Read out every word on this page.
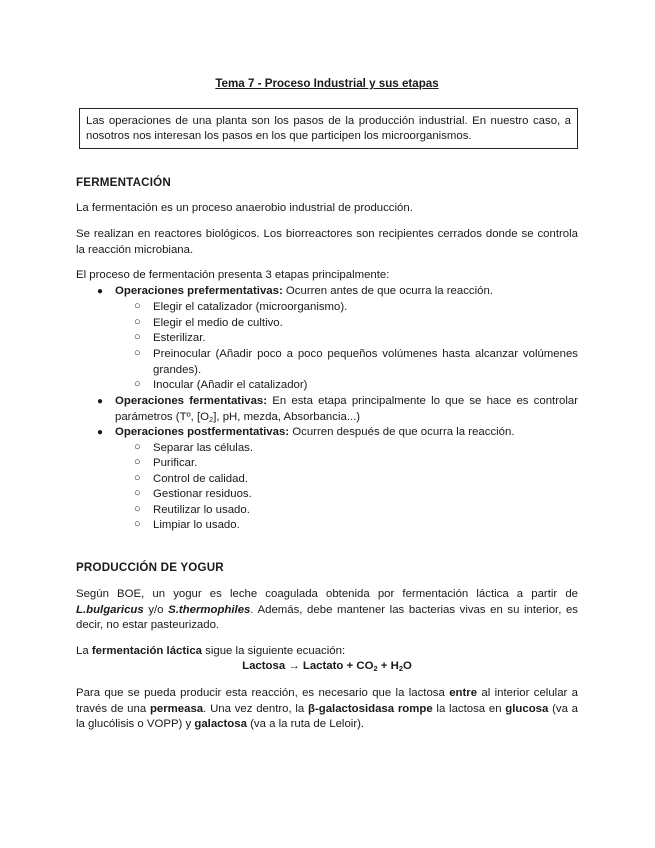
Tema 7 - Proceso Industrial y sus etapas
Las operaciones de una planta son los pasos de la producción industrial. En nuestro caso, a nosotros nos interesan los pasos en los que participen los microorganismos.
FERMENTACIÓN
La fermentación es un proceso anaerobio industrial de producción.
Se realizan en reactores biológicos. Los biorreactores son recipientes cerrados donde se controla la reacción microbiana.
El proceso de fermentación presenta 3 etapas principalmente:
● Operaciones prefermentativas: Ocurren antes de que ocurra la reacción.
○ Elegir el catalizador (microorganismo).
○ Elegir el medio de cultivo.
○ Esterilizar.
○ Preinocular (Añadir poco a poco pequeños volúmenes hasta alcanzar volúmenes grandes).
○ Inocular (Añadir el catalizador)
● Operaciones fermentativas: En esta etapa principalmente lo que se hace es controlar parámetros (Tº, $[O_2]$, pH, mezda, Absorbancia...)
● Operaciones postfermentativas: Ocurren después de que ocurra la reacción.
○ Separar las células.
○ Purificar.
○ Control de calidad.
○ Gestionar residuos.
○ Reutilizar lo usado.
○ Limpiar lo usado.
PRODUCCIÓN DE YOGUR
Según BOE, un yogur es leche coagulada obtenida por fermentación láctica a partir de L.bulgaricus y/o S.thermophiles. Además, debe mantener las bacterias vivas en su interior, es decir, no estar pasteurizado.
La fermentación láctica sigue la siguiente ecuación:
Lactosa → Lactato + $CO_2 + H_2O$
Para que se pueda producir esta reacción, es necesario que la lactosa entre al interior celular a través de una permeasa. Una vez dentro, la β-galactosidasa rompe la lactosa en glucosa (va a la glucólisis o VOPP) y galactosa (va a la ruta de Leloir).
